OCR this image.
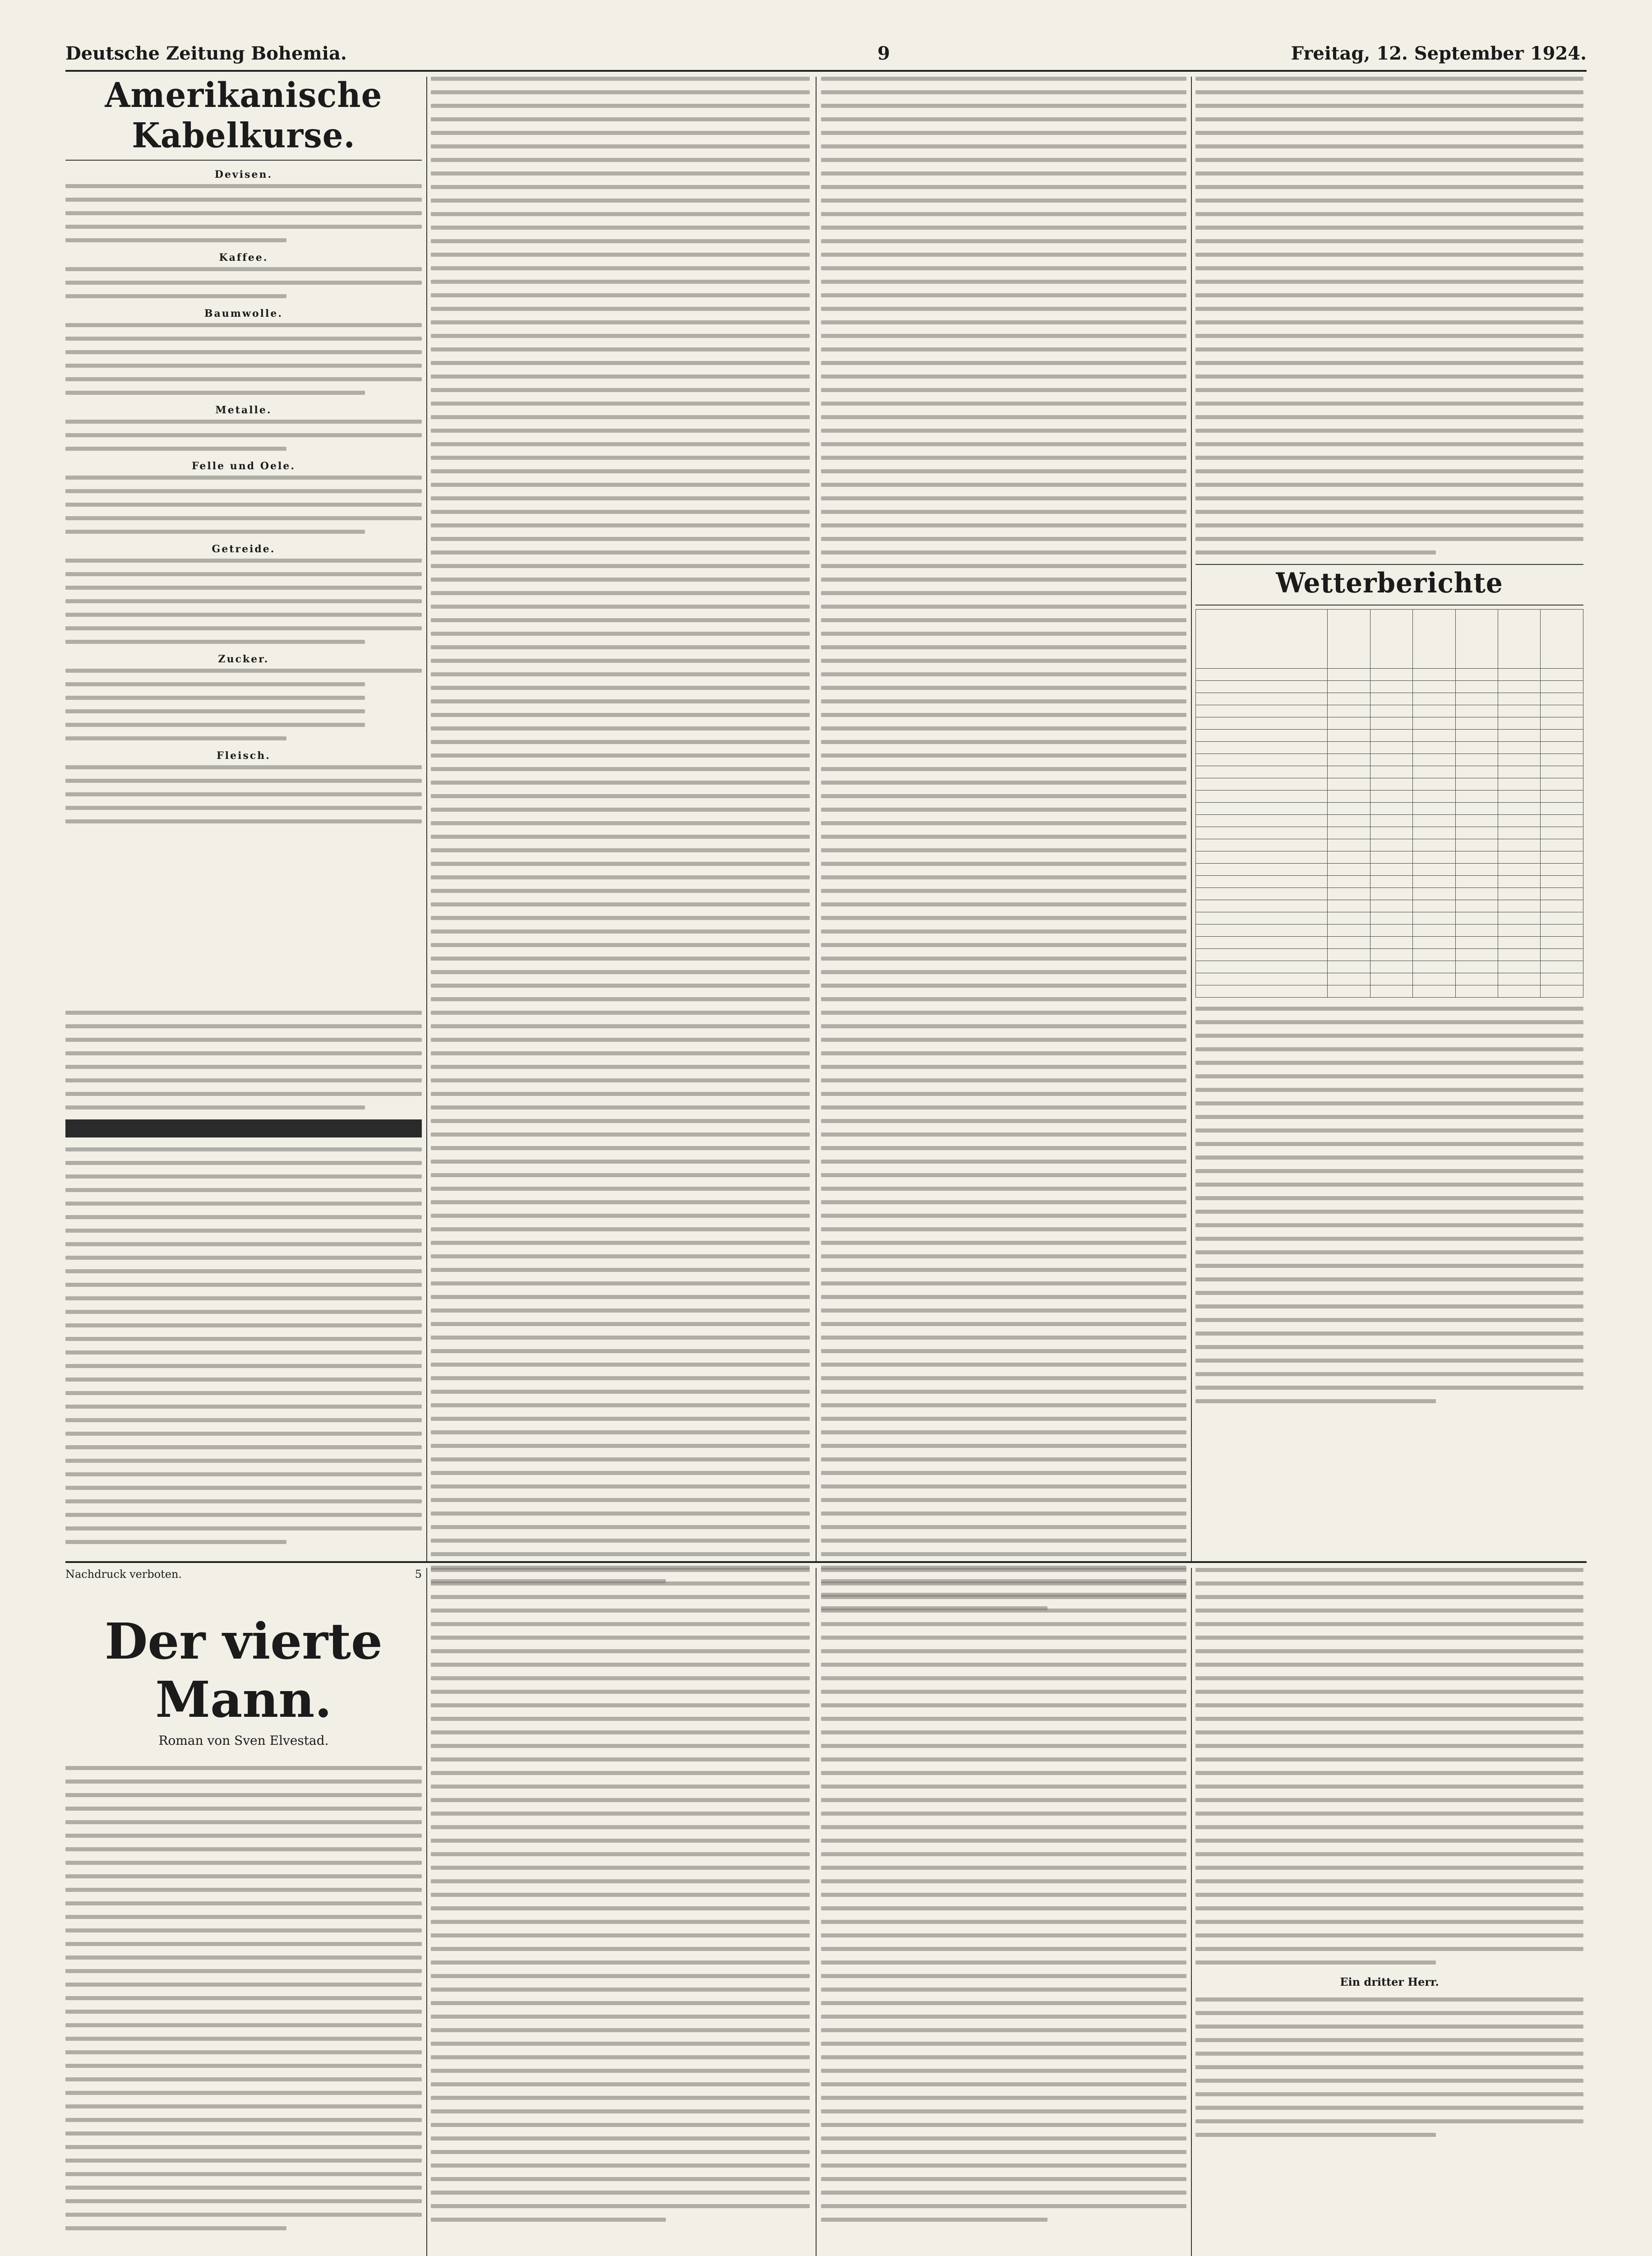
Deutsche Zeitung Bohemia.	9	Freitag, 12. September 1924.
Amerikanische Kabelkurse.
Devisen.
Kaffee.
Baumwolle.
Metalle.
Felle und Oele.
Getreide.
Zucker.
Fleisch.
Wetterberichte

Nachdruck verboten.	5
Der vierte Mann.
Roman von Sven Elvestad.
Ein dritter Herr.
